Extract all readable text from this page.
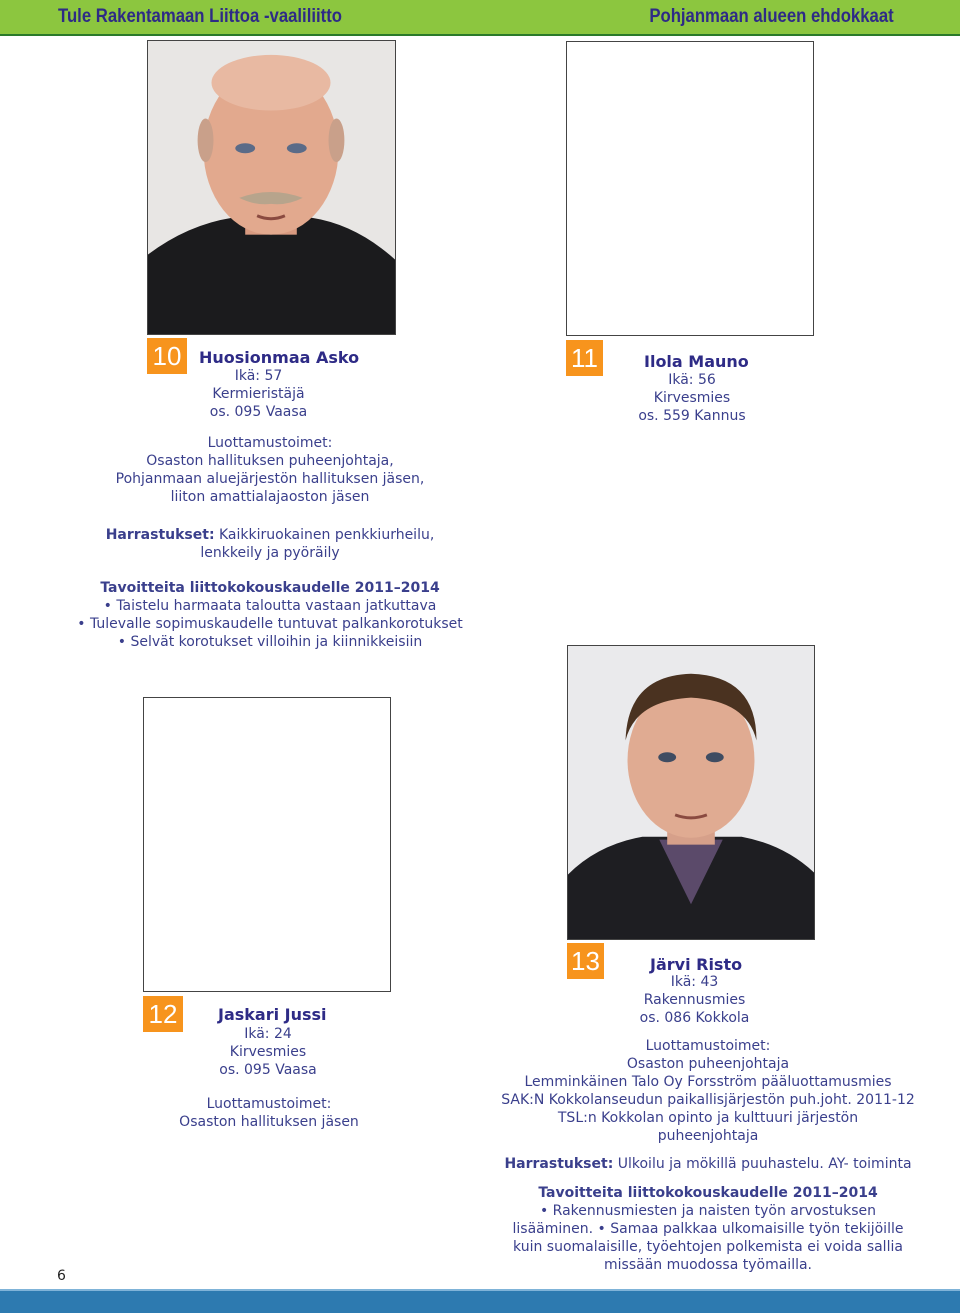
Tule Rakentamaan Liittoa -vaaliliitto	Pohjanmaan alueen ehdokkaat
10	Huosionmaa Asko
Ikä: 57
Kermieristäjä
os. 095 Vaasa
Luottamustoimet:
Osaston hallituksen puheenjohtaja,
Pohjanmaan aluejärjestön hallituksen jäsen,
liiton amattialajaoston jäsen
Harrastukset: Kaikkiruokainen penkkiurheilu,
lenkkeily ja pyöräily
Tavoitteita liittokokouskaudelle 2011–2014
• Taistelu harmaata taloutta vastaan jatkuttava
• Tulevalle sopimuskaudelle tuntuvat palkankorotukset
• Selvät korotukset villoihin ja kiinnikkeisiin
11	Ilola Mauno
Ikä: 56
Kirvesmies
os. 559 Kannus
12	Jaskari Jussi
Ikä: 24
Kirvesmies
os. 095 Vaasa
Luottamustoimet:
Osaston hallituksen jäsen
13	Järvi Risto
Ikä: 43
Rakennusmies
os. 086 Kokkola
Luottamustoimet:
Osaston puheenjohtaja
Lemminkäinen Talo Oy Forsström pääluottamusmies
SAK:N Kokkolanseudun paikallisjärjestön puh.joht. 2011-12
TSL:n Kokkolan opinto ja kulttuuri järjestön
puheenjohtaja
Harrastukset: Ulkoilu ja mökillä puuhastelu. AY- toiminta
Tavoitteita liittokokouskaudelle 2011–2014
• Rakennusmiesten ja naisten työn arvostuksen
lisääminen. • Samaa palkkaa ulkomaisille työn tekijöille
kuin suomalaisille, työehtojen polkemista ei voida sallia
missään muodossa työmailla.
6
